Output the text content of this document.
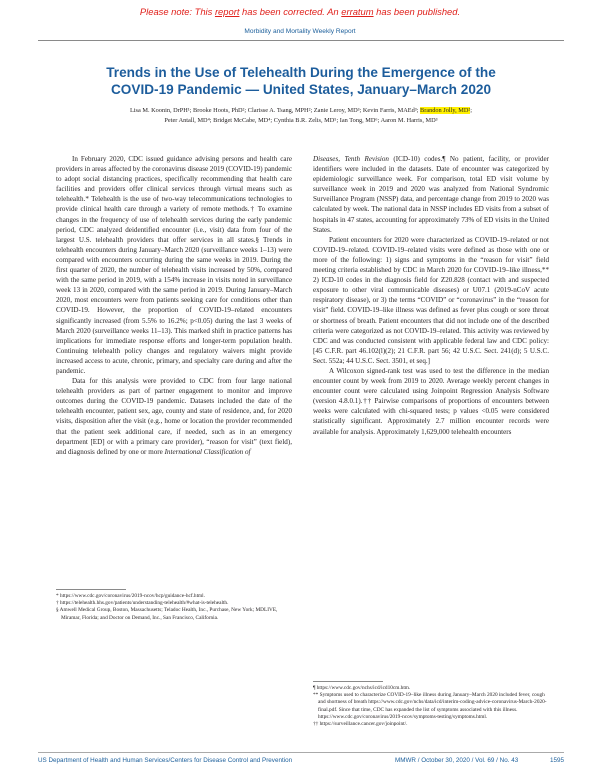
Please note: This report has been corrected. An erratum has been published.
Morbidity and Mortality Weekly Report
Trends in the Use of Telehealth During the Emergence of the
COVID-19 Pandemic — United States, January–March 2020
Lisa M. Koonin, DrPH¹; Brooke Hoots, PhD²; Clarisse A. Tsang, MPH²; Zanie Leroy, MD³; Kevin Farris, MAEd³; Brandon Jolly, MD²;
Peter Antall, MD⁴; Bridget McCabe, MD⁴; Cynthia B.R. Zelis, MD⁵; Ian Tong, MD⁶; Aaron M. Harris, MD³

In February 2020, CDC issued guidance advising persons and health care providers in areas affected by the coronavirus disease 2019 (COVID-19) pandemic to adopt social distancing practices, specifically recommending that health care facilities and providers offer clinical services through virtual means such as telehealth.* Telehealth is the use of two-way telecommunications technologies to provide clinical health care through a variety of remote methods.† To examine changes in the frequency of use of telehealth services during the early pandemic period, CDC analyzed deidentified encounter (i.e., visit) data from four of the largest U.S. telehealth providers that offer services in all states.§ Trends in telehealth encounters during January–March 2020 (surveillance weeks 1–13) were compared with encounters occurring during the same weeks in 2019. During the first quarter of 2020, the number of telehealth visits increased by 50%, compared with the same period in 2019, with a 154% increase in visits noted in surveillance week 13 in 2020, compared with the same period in 2019. During January–March 2020, most encounters were from patients seeking care for conditions other than COVID-19. However, the proportion of COVID-19–related encounters significantly increased (from 5.5% to 16.2%; p<0.05) during the last 3 weeks of March 2020 (surveillance weeks 11–13). This marked shift in practice patterns has implications for immediate response efforts and longer-term population health. Continuing telehealth policy changes and regulatory waivers might provide increased access to acute, chronic, primary, and specialty care during and after the pandemic.

Data for this analysis were provided to CDC from four large national telehealth providers as part of partner engagement to monitor and improve outcomes during the COVID-19 pandemic. Datasets included the date of the telehealth encounter, patient sex, age, county and state of residence, and, for 2020 visits, disposition after the visit (e.g., home or location the provider recommended that the patient seek additional care, if needed, such as in an emergency department [ED] or with a primary care provider), “reason for visit” (text field), and diagnosis defined by one or more International Classification of

Diseases, Tenth Revision (ICD-10) codes.¶ No patient, facility, or provider identifiers were included in the datasets. Date of encounter was categorized by epidemiologic surveillance week. For comparison, total ED visit volume by surveillance week in 2019 and 2020 was analyzed from National Syndromic Surveillance Program (NSSP) data, and percentage change from 2019 to 2020 was calculated by week. The national data in NSSP includes ED visits from a subset of hospitals in 47 states, accounting for approximately 73% of ED visits in the United States.

Patient encounters for 2020 were characterized as COVID-19–related or not COVID-19–related. COVID-19–related visits were defined as those with one or more of the following: 1) signs and symptoms in the “reason for visit” field meeting criteria established by CDC in March 2020 for COVID-19–like illness,** 2) ICD-10 codes in the diagnosis field for Z20.828 (contact with and suspected exposure to other viral communicable diseases) or U07.1 (2019-nCoV acute respiratory disease), or 3) the terms “COVID” or “coronavirus” in the “reason for visit” field. COVID-19–like illness was defined as fever plus cough or sore throat or shortness of breath. Patient encounters that did not include one of the described criteria were categorized as not COVID-19–related. This activity was reviewed by CDC and was conducted consistent with applicable federal law and CDC policy: [45 C.F.R. part 46.102(l)(2); 21 C.F.R. part 56; 42 U.S.C. Sect. 241(d); 5 U.S.C. Sect. 552a; 44 U.S.C. Sect. 3501, et seq.]

A Wilcoxon signed-rank test was used to test the difference in the median encounter count by week from 2019 to 2020. Average weekly percent changes in encounter count were calculated using Joinpoint Regression Analysis Software (version 4.8.0.1).†† Pairwise comparisons of proportions of encounters between weeks were calculated with chi-squared tests; p values <0.05 were considered statistically significant. Approximately 2.7 million encounter records were available for analysis. Approximately 1,629,000 telehealth encounters

* https://www.cdc.gov/coronavirus/2019-ncov/hcp/guidance-hcf.html.
† https://telehealth.hhs.gov/patients/understanding-telehealth/#what-is-telehealth.
§ Amwell Medical Group, Boston, Massachusetts; Teladoc Health, Inc., Purchase, New York; MDLIVE, Miramar, Florida; and Doctor on Demand, Inc., San Francisco, California.
¶ https://www.cdc.gov/nchs/icd/icd10cm.htm.
** Symptoms used to characterize COVID-19–like illness during January–March 2020 included fever, cough and shortness of breath https://www.cdc.gov/nchs/data/icd/interim-coding-advice-coronavirus-March-2020-final.pdf. Since that time, CDC has expanded the list of symptoms associated with this illness. https://www.cdc.gov/coronavirus/2019-ncov/symptoms-testing/symptoms.html.
†† https://surveillance.cancer.gov/joinpoint/.
US Department of Health and Human Services/Centers for Disease Control and Prevention	MMWR / October 30, 2020 / Vol. 69 / No. 43	1595
